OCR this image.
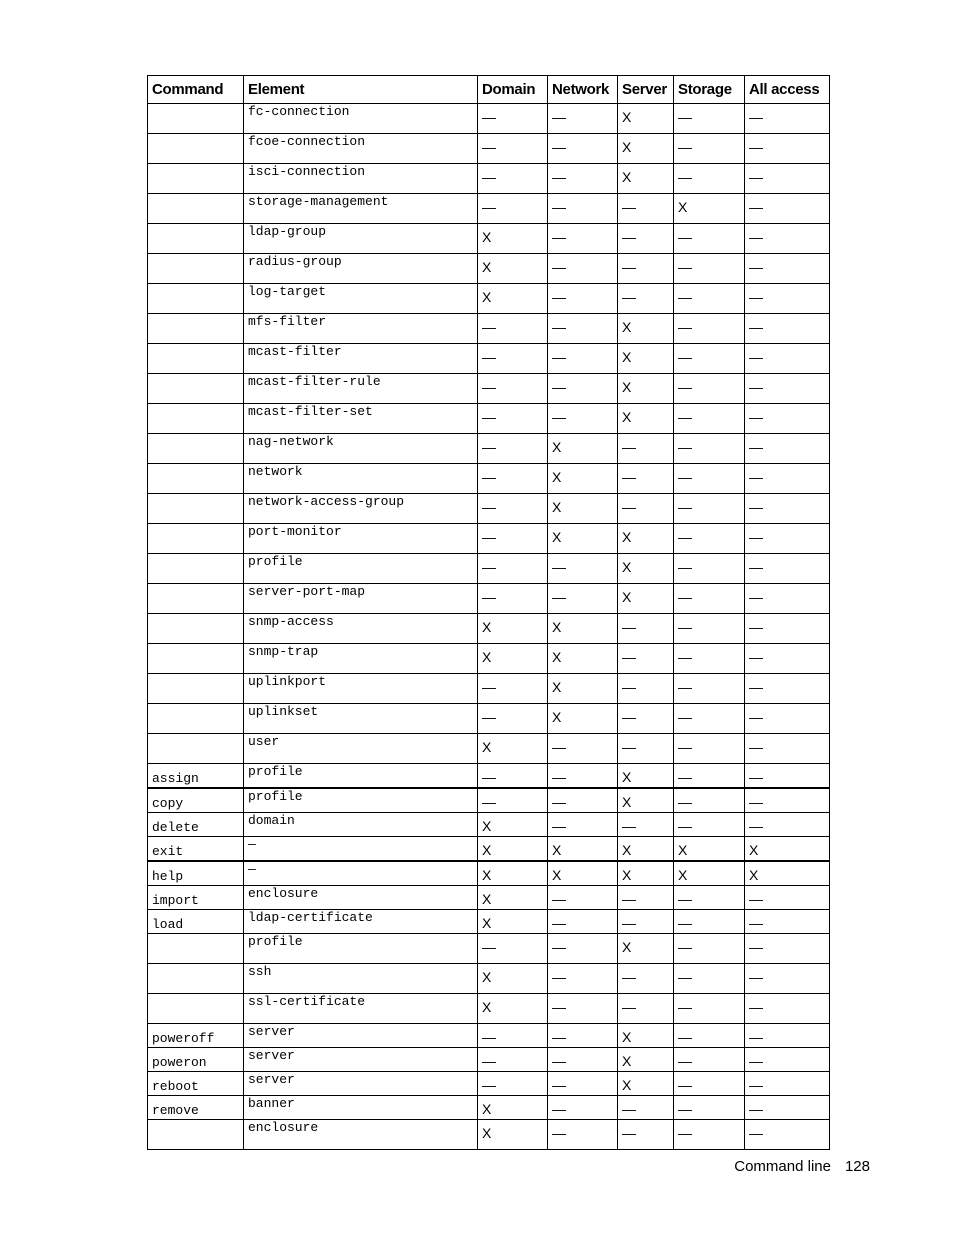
Command	Element	Domain	Network	Server	Storage	All access
	fc-connection	—	—	X	—	—
	fcoe-connection	—	—	X	—	—
	isci-connection	—	—	X	—	—
	storage-management	—	—	—	X	—
	ldap-group	X	—	—	—	—
	radius-group	X	—	—	—	—
	log-target	X	—	—	—	—
	mfs-filter	—	—	X	—	—
	mcast-filter	—	—	X	—	—
	mcast-filter-rule	—	—	X	—	—
	mcast-filter-set	—	—	X	—	—
	nag-network	—	X	—	—	—
	network	—	X	—	—	—
	network-access-group	—	X	—	—	—
	port-monitor	—	X	X	—	—
	profile	—	—	X	—	—
	server-port-map	—	—	X	—	—
	snmp-access	X	X	—	—	—
	snmp-trap	X	X	—	—	—
	uplinkport	—	X	—	—	—
	uplinkset	—	X	—	—	—
	user	X	—	—	—	—
assign	profile	—	—	X	—	—
copy	profile	—	—	X	—	—
delete	domain	X	—	—	—	—
exit	—	X	X	X	X	X
help	—	X	X	X	X	X
import	enclosure	X	—	—	—	—
load	ldap-certificate	X	—	—	—	—
	profile	—	—	X	—	—
	ssh	X	—	—	—	—
	ssl-certificate	X	—	—	—	—
poweroff	server	—	—	X	—	—
poweron	server	—	—	X	—	—
reboot	server	—	—	X	—	—
remove	banner	X	—	—	—	—
	enclosure	X	—	—	—	—
Command line 128
